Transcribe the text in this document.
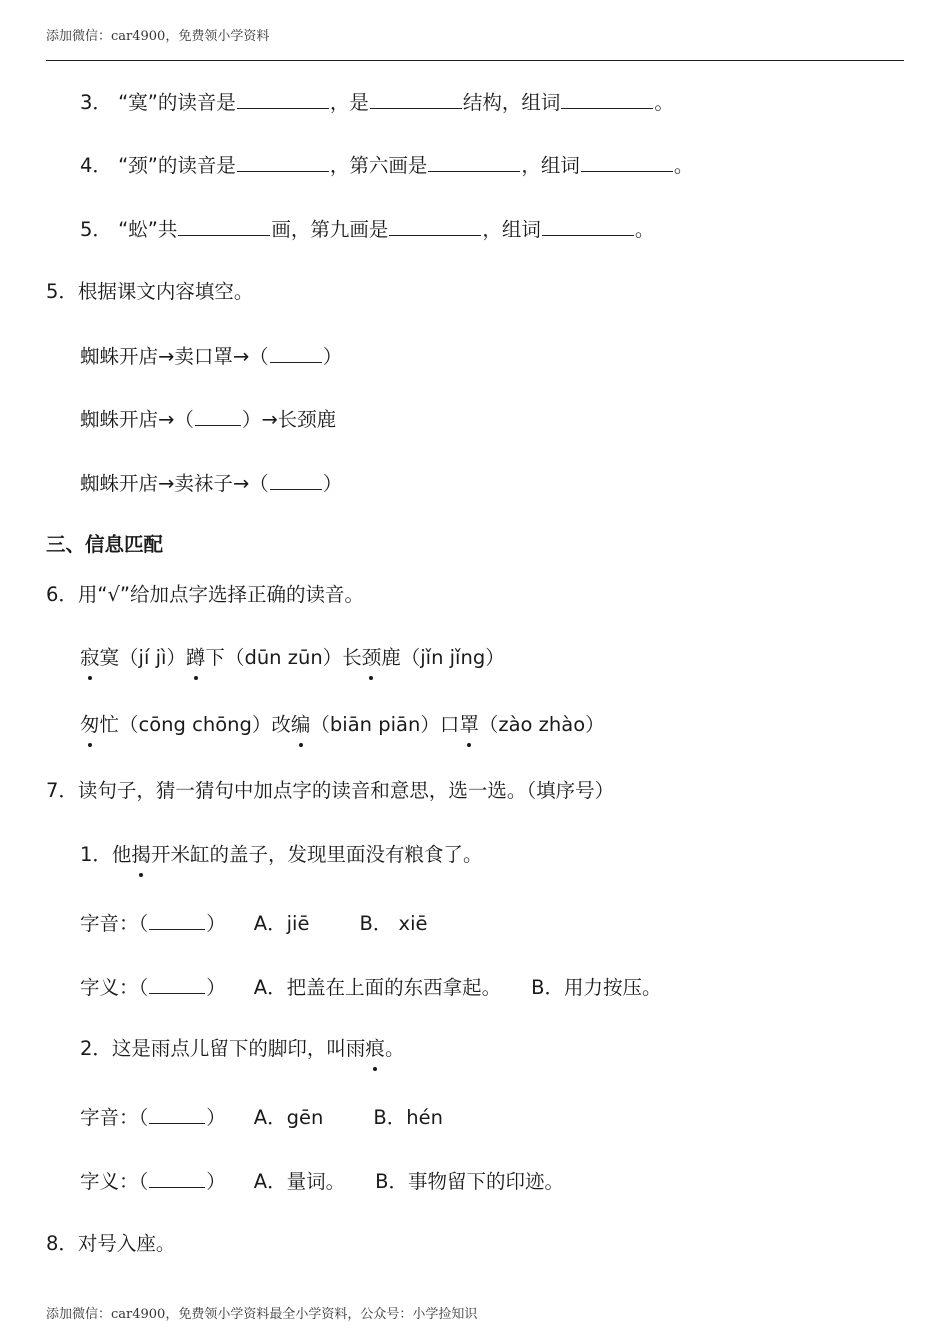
添加微信：car4900，免费领小学资料
3． “寞”的读音是	，是	结构，组词	。
4． “颈”的读音是	，第六画是	，组词	。
5． “蚣”共	画，第九画是	，组词	。
5．根据课文内容填空。
蜘蛛开店→卖口罩→（	）
蜘蛛开店→（ ）→长颈鹿
蜘蛛开店→卖袜子→（	）
三、信息匹配
6．用“√”给加点字选择正确的读音。
寂寞（jí jì）蹲下（dūn zūn）长颈鹿（jǐn jǐng）
匆忙（cōng chōng）改编（biān piān）口罩（zào zhào）
7．读句子，猜一猜句中加点字的读音和意思，选一选。（填序号）
1．他揭开米缸的盖子，发现里面没有粮食了。
字音：（	） A．jiē	B． xiē
字义：（	） A．把盖在上面的东西拿起。 B．用力按压。
2．这是雨点儿留下的脚印，叫雨痕。
字音：（	） A．gēn	B．hén
字义：（	） A．量词。 B．事物留下的印迹。
8．对号入座。
添加微信：car4900，免费领小学资料最全小学资料，公众号：小学捡知识
